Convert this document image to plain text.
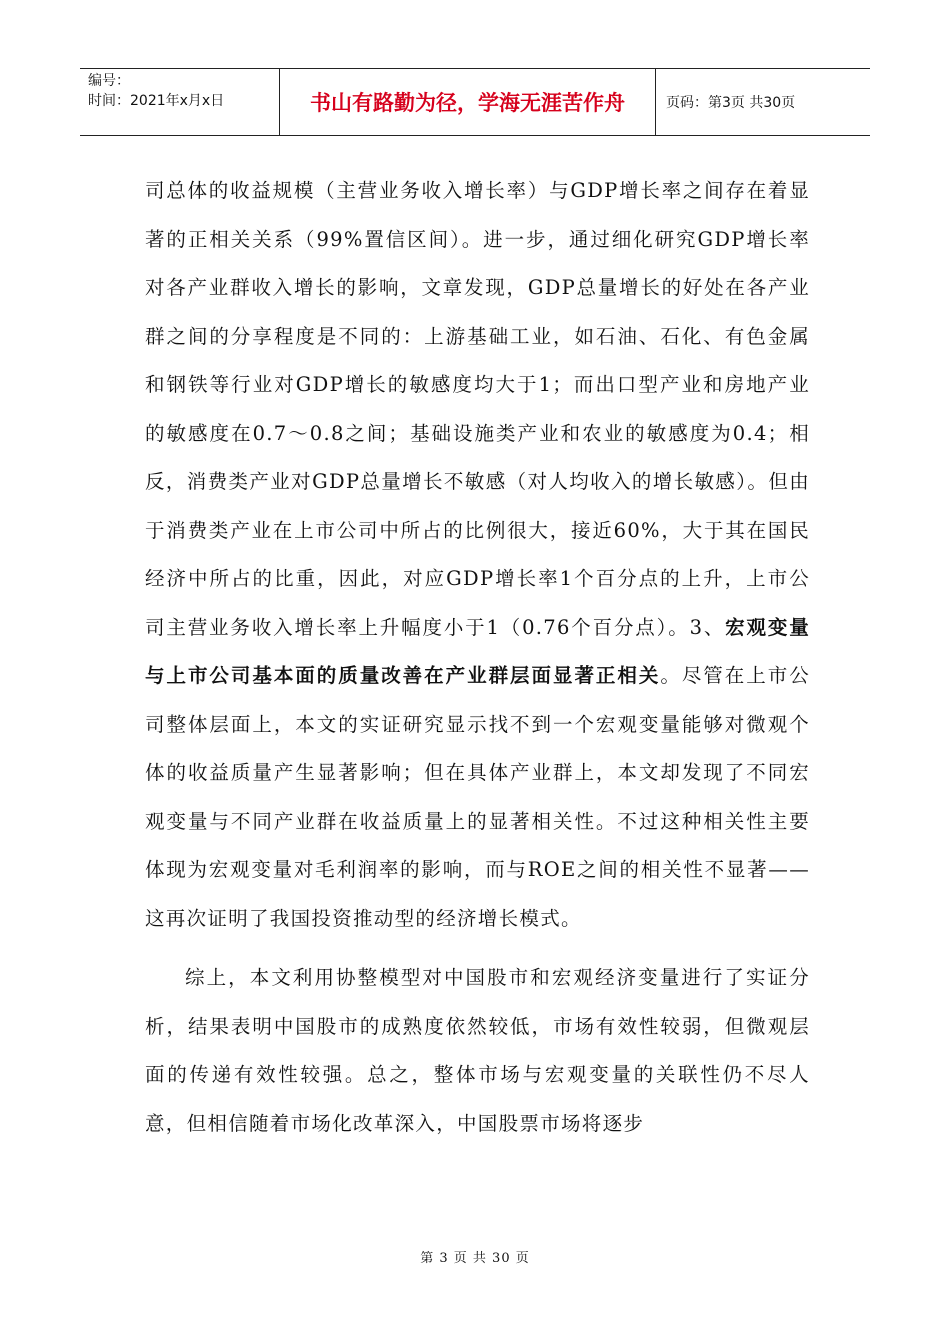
编号：
时间：2021年x月x日	书山有路勤为径，学海无涯苦作舟	页码：第3页 共30页

司总体的收益规模（主营业务收入增长率）与GDP增长率之间存在着显著的正相关关系（99%置信区间）。进一步，通过细化研究GDP增长率对各产业群收入增长的影响，文章发现，GDP总量增长的好处在各产业群之间的分享程度是不同的：上游基础工业，如石油、石化、有色金属和钢铁等行业对GDP增长的敏感度均大于1；而出口型产业和房地产业的敏感度在0.7～0.8之间；基础设施类产业和农业的敏感度为0.4；相反，消费类产业对GDP总量增长不敏感（对人均收入的增长敏感）。但由于消费类产业在上市公司中所占的比例很大，接近60%，大于其在国民经济中所占的比重，因此，对应GDP增长率1个百分点的上升，上市公司主营业务收入增长率上升幅度小于1（0.76个百分点）。3、宏观变量与上市公司基本面的质量改善在产业群层面显著正相关。尽管在上市公司整体层面上，本文的实证研究显示找不到一个宏观变量能够对微观个体的收益质量产生显著影响；但在具体产业群上，本文却发现了不同宏观变量与不同产业群在收益质量上的显著相关性。不过这种相关性主要体现为宏观变量对毛利润率的影响，而与ROE之间的相关性不显著——这再次证明了我国投资推动型的经济增长模式。

综上，本文利用协整模型对中国股市和宏观经济变量进行了实证分析，结果表明中国股市的成熟度依然较低，市场有效性较弱，但微观层面的传递有效性较强。总之，整体市场与宏观变量的关联性仍不尽人意，但相信随着市场化改革深入，中国股票市场将逐步

第 3 页 共 30 页
